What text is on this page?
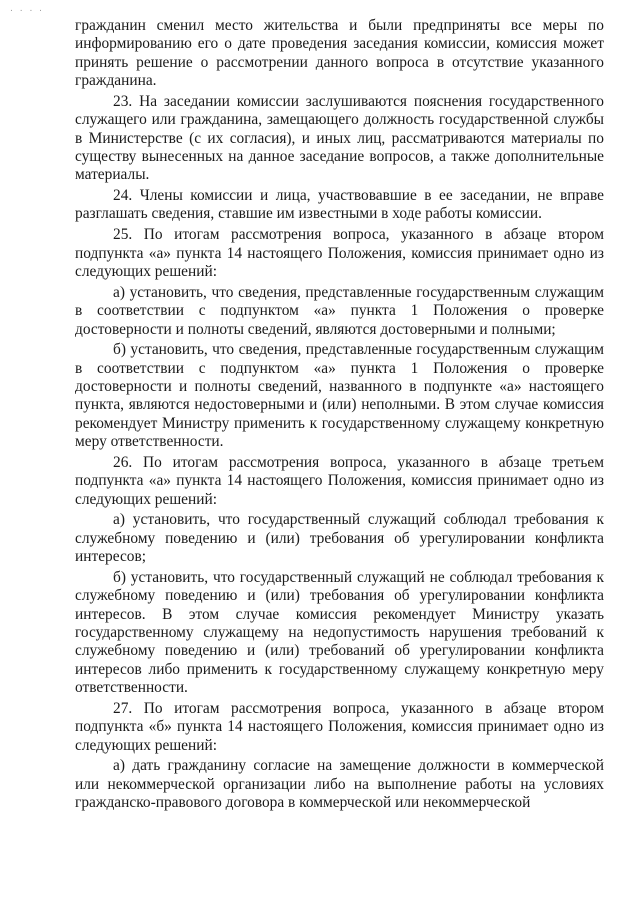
. . . .

гражданин сменил место жительства и были предприняты все меры по информированию его о дате проведения заседания комиссии, комиссия может принять решение о рассмотрении данного вопроса в отсутствие указанного гражданина.

23. На заседании комиссии заслушиваются пояснения государственного служащего или гражданина, замещающего должность государственной службы в Министерстве (с их согласия), и иных лиц, рассматриваются материалы по существу вынесенных на данное заседание вопросов, а также дополнительные материалы.

24. Члены комиссии и лица, участвовавшие в ее заседании, не вправе разглашать сведения, ставшие им известными в ходе работы комиссии.

25. По итогам рассмотрения вопроса, указанного в абзаце втором подпункта «а» пункта 14 настоящего Положения, комиссия принимает одно из следующих решений:

а) установить, что сведения, представленные государственным служащим в соответствии с подпунктом «а» пункта 1 Положения о проверке достоверности и полноты сведений, являются достоверными и полными;

б) установить, что сведения, представленные государственным служащим в соответствии с подпунктом «а» пункта 1 Положения о проверке достоверности и полноты сведений, названного в подпункте «а» настоящего пункта, являются недостоверными и (или) неполными. В этом случае комиссия рекомендует Министру применить к государственному служащему конкретную меру ответственности.

26. По итогам рассмотрения вопроса, указанного в абзаце третьем подпункта «а» пункта 14 настоящего Положения, комиссия принимает одно из следующих решений:

а) установить, что государственный служащий соблюдал требования к служебному поведению и (или) требования об урегулировании конфликта интересов;

б) установить, что государственный служащий не соблюдал требования к служебному поведению и (или) требования об урегулировании конфликта интересов. В этом случае комиссия рекомендует Министру указать государственному служащему на недопустимость нарушения требований к служебному поведению и (или) требований об урегулировании конфликта интересов либо применить к государственному служащему конкретную меру ответственности.

27. По итогам рассмотрения вопроса, указанного в абзаце втором подпункта «б» пункта 14 настоящего Положения, комиссия принимает одно из следующих решений:

а) дать гражданину согласие на замещение должности в коммерческой или некоммерческой организации либо на выполнение работы на условиях гражданско-правового договора в коммерческой или некоммерческой
